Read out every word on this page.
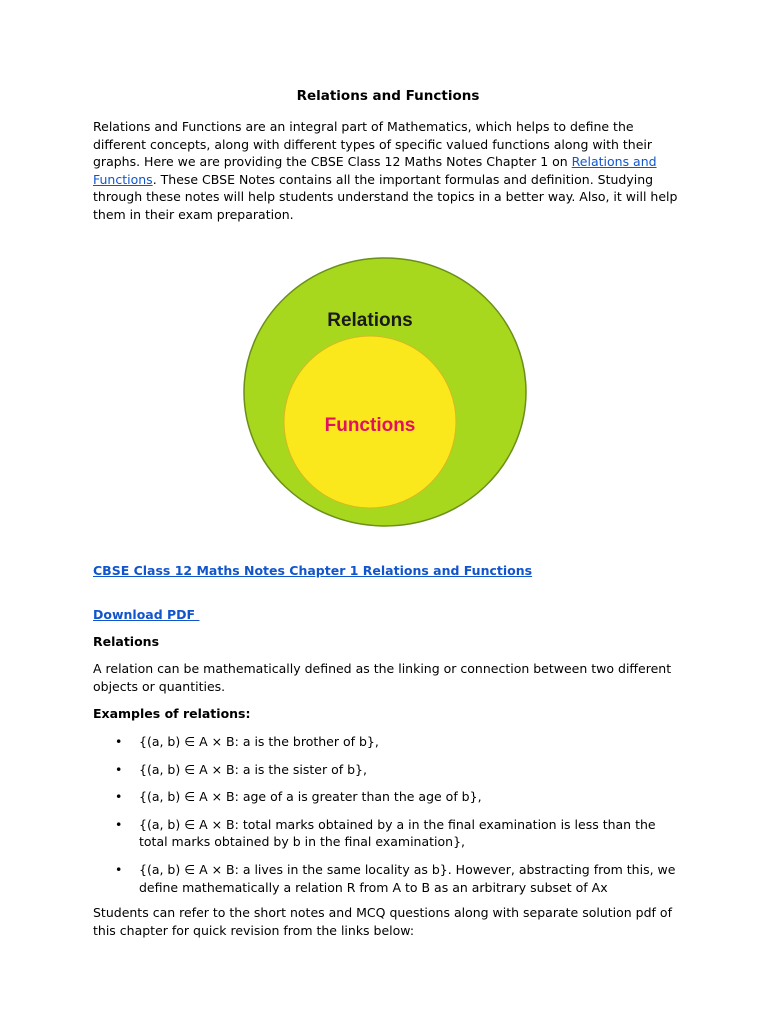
Relations and Functions

Relations and Functions are an integral part of Mathematics, which helps to define the different concepts, along with different types of specific valued functions along with their graphs. Here we are providing the CBSE Class 12 Maths Notes Chapter 1 on Relations and Functions. These CBSE Notes contains all the important formulas and definition. Studying through these notes will help students understand the topics in a better way. Also, it will help them in their exam preparation.

Relations
Functions
CBSE Class 12 Maths Notes Chapter 1 Relations and Functions
Download PDF

Relations

A relation can be mathematically defined as the linking or connection between two different objects or quantities.

Examples of relations:

• {(a, b) ∈ A × B: a is the brother of b},
• {(a, b) ∈ A × B: a is the sister of b},
• {(a, b) ∈ A × B: age of a is greater than the age of b},
• {(a, b) ∈ A × B: total marks obtained by a in the final examination is less than the total marks obtained by b in the final examination},
• {(a, b) ∈ A × B: a lives in the same locality as b}. However, abstracting from this, we define mathematically a relation R from A to B as an arbitrary subset of Ax

Students can refer to the short notes and MCQ questions along with separate solution pdf of this chapter for quick revision from the links below:
